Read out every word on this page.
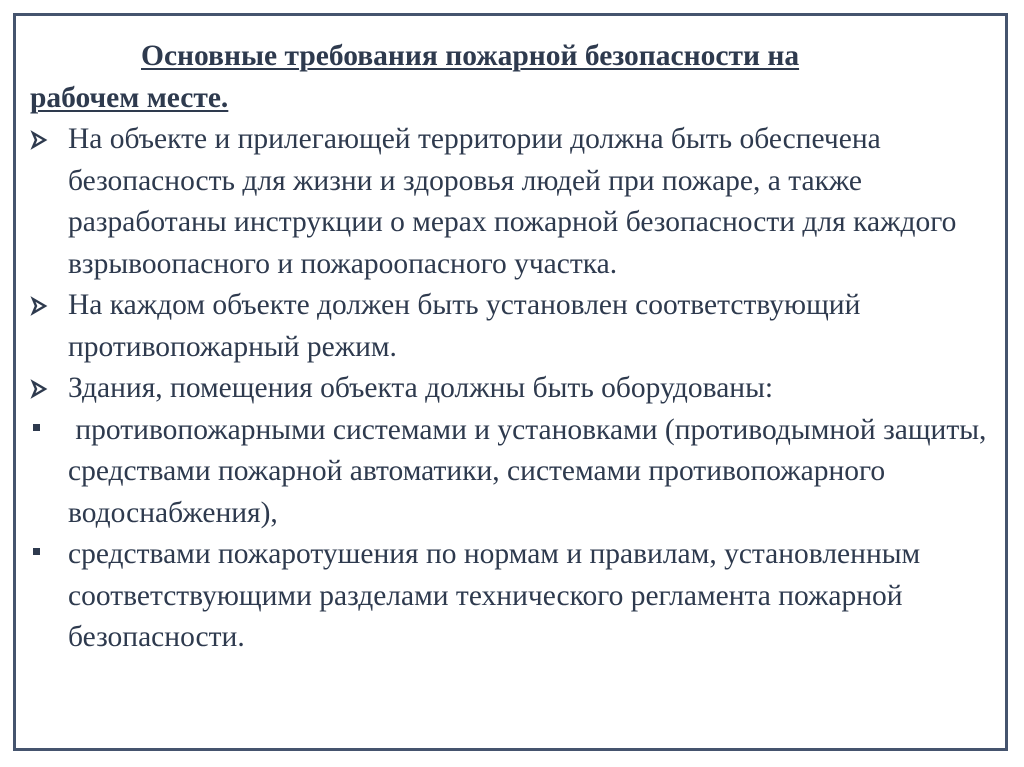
Основные требования пожарной безопасности на
рабочем месте.

На объекте и прилегающей территории должна быть обеспечена безопасность для жизни и здоровья людей при пожаре, а также разработаны инструкции о мерах пожарной безопасности для каждого взрывоопасного и пожароопасного участка.

На каждом объекте должен быть установлен соответствующий противопожарный режим.

Здания, помещения объекта должны быть оборудованы:

противопожарными системами и установками (противодымной защиты, средствами пожарной автоматики, системами противопожарного водоснабжения),

средствами пожаротушения по нормам и правилам, установленным соответствующими разделами технического регламента пожарной безопасности.
